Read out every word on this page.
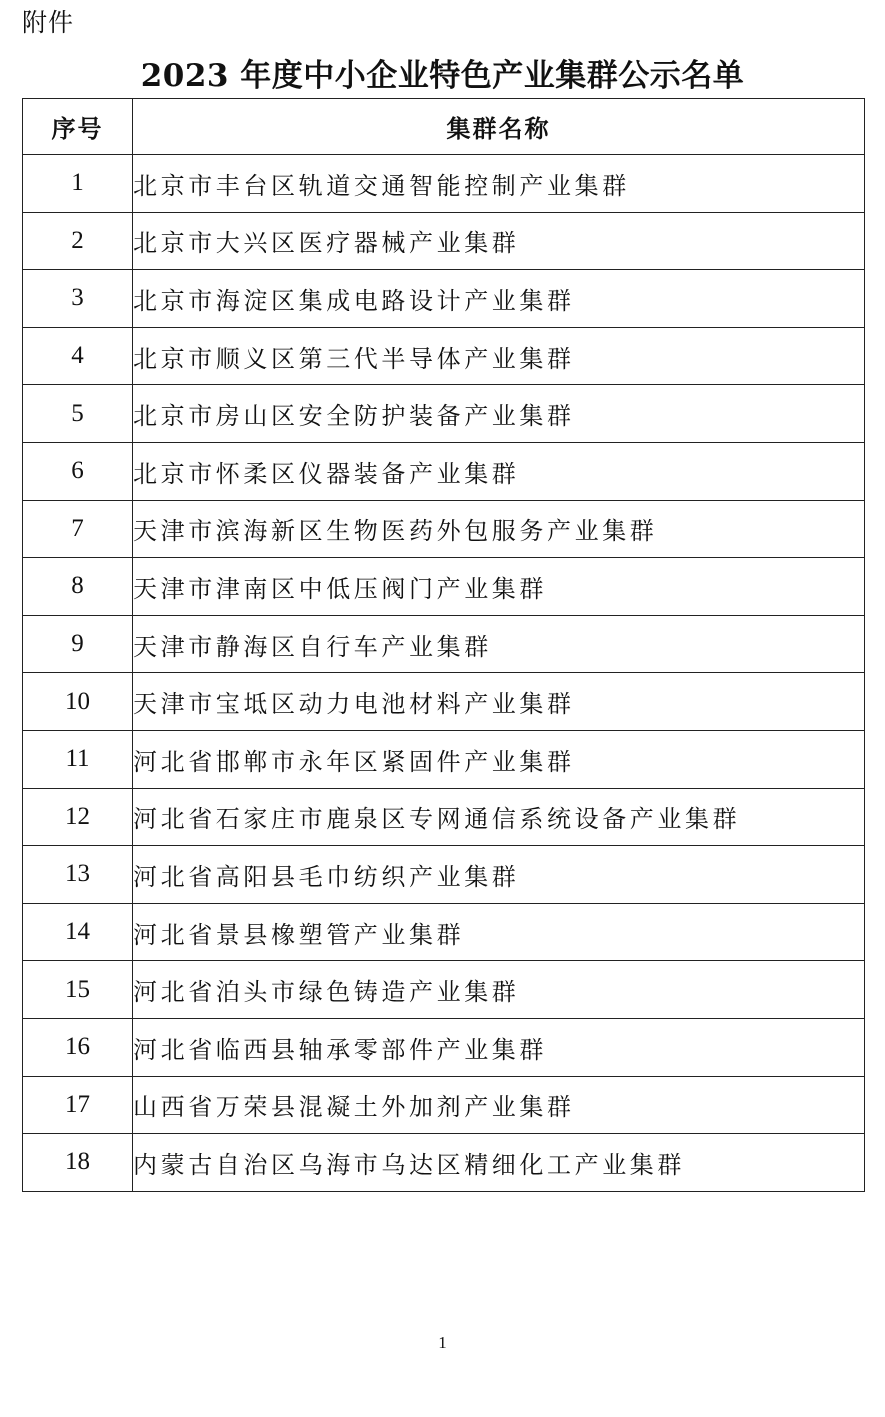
附件
2023 年度中小企业特色产业集群公示名单
序号	集群名称
1	北京市丰台区轨道交通智能控制产业集群
2	北京市大兴区医疗器械产业集群
3	北京市海淀区集成电路设计产业集群
4	北京市顺义区第三代半导体产业集群
5	北京市房山区安全防护装备产业集群
6	北京市怀柔区仪器装备产业集群
7	天津市滨海新区生物医药外包服务产业集群
8	天津市津南区中低压阀门产业集群
9	天津市静海区自行车产业集群
10	天津市宝坻区动力电池材料产业集群
11	河北省邯郸市永年区紧固件产业集群
12	河北省石家庄市鹿泉区专网通信系统设备产业集群
13	河北省高阳县毛巾纺织产业集群
14	河北省景县橡塑管产业集群
15	河北省泊头市绿色铸造产业集群
16	河北省临西县轴承零部件产业集群
17	山西省万荣县混凝土外加剂产业集群
18	内蒙古自治区乌海市乌达区精细化工产业集群
1
